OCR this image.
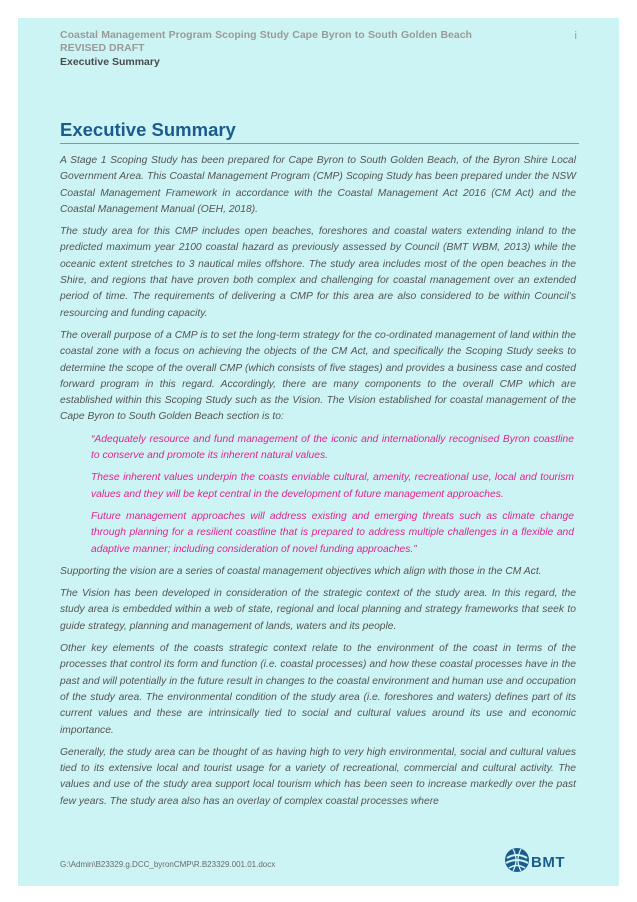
Coastal Management Program Scoping Study Cape Byron to South Golden Beach
REVISED DRAFT
Executive Summary
i
Executive Summary

A Stage 1 Scoping Study has been prepared for Cape Byron to South Golden Beach, of the Byron Shire Local Government Area. This Coastal Management Program (CMP) Scoping Study has been prepared under the NSW Coastal Management Framework in accordance with the Coastal Management Act 2016 (CM Act) and the Coastal Management Manual (OEH, 2018).

The study area for this CMP includes open beaches, foreshores and coastal waters extending inland to the predicted maximum year 2100 coastal hazard as previously assessed by Council (BMT WBM, 2013) while the oceanic extent stretches to 3 nautical miles offshore. The study area includes most of the open beaches in the Shire, and regions that have proven both complex and challenging for coastal management over an extended period of time. The requirements of delivering a CMP for this area are also considered to be within Council’s resourcing and funding capacity.

The overall purpose of a CMP is to set the long-term strategy for the co-ordinated management of land within the coastal zone with a focus on achieving the objects of the CM Act, and specifically the Scoping Study seeks to determine the scope of the overall CMP (which consists of five stages) and provides a business case and costed forward program in this regard. Accordingly, there are many components to the overall CMP which are established within this Scoping Study such as the Vision. The Vision established for coastal management of the Cape Byron to South Golden Beach section is to:

“Adequately resource and fund management of the iconic and internationally recognised Byron coastline to conserve and promote its inherent natural values.

These inherent values underpin the coasts enviable cultural, amenity, recreational use, local and tourism values and they will be kept central in the development of future management approaches.

Future management approaches will address existing and emerging threats such as climate change through planning for a resilient coastline that is prepared to address multiple challenges in a flexible and adaptive manner; including consideration of novel funding approaches.”

Supporting the vision are a series of coastal management objectives which align with those in the CM Act.

The Vision has been developed in consideration of the strategic context of the study area. In this regard, the study area is embedded within a web of state, regional and local planning and strategy frameworks that seek to guide strategy, planning and management of lands, waters and its people.

Other key elements of the coasts strategic context relate to the environment of the coast in terms of the processes that control its form and function (i.e. coastal processes) and how these coastal processes have in the past and will potentially in the future result in changes to the coastal environment and human use and occupation of the study area. The environmental condition of the study area (i.e. foreshores and waters) defines part of its current values and these are intrinsically tied to social and cultural values around its use and economic importance.

Generally, the study area can be thought of as having high to very high environmental, social and cultural values tied to its extensive local and tourist usage for a variety of recreational, commercial and cultural activity. The values and use of the study area support local tourism which has been seen to increase markedly over the past few years. The study area also has an overlay of complex coastal processes where

G:\Admin\B23329.g.DCC_byronCMP\R.B23329.001.01.docx	BMT
